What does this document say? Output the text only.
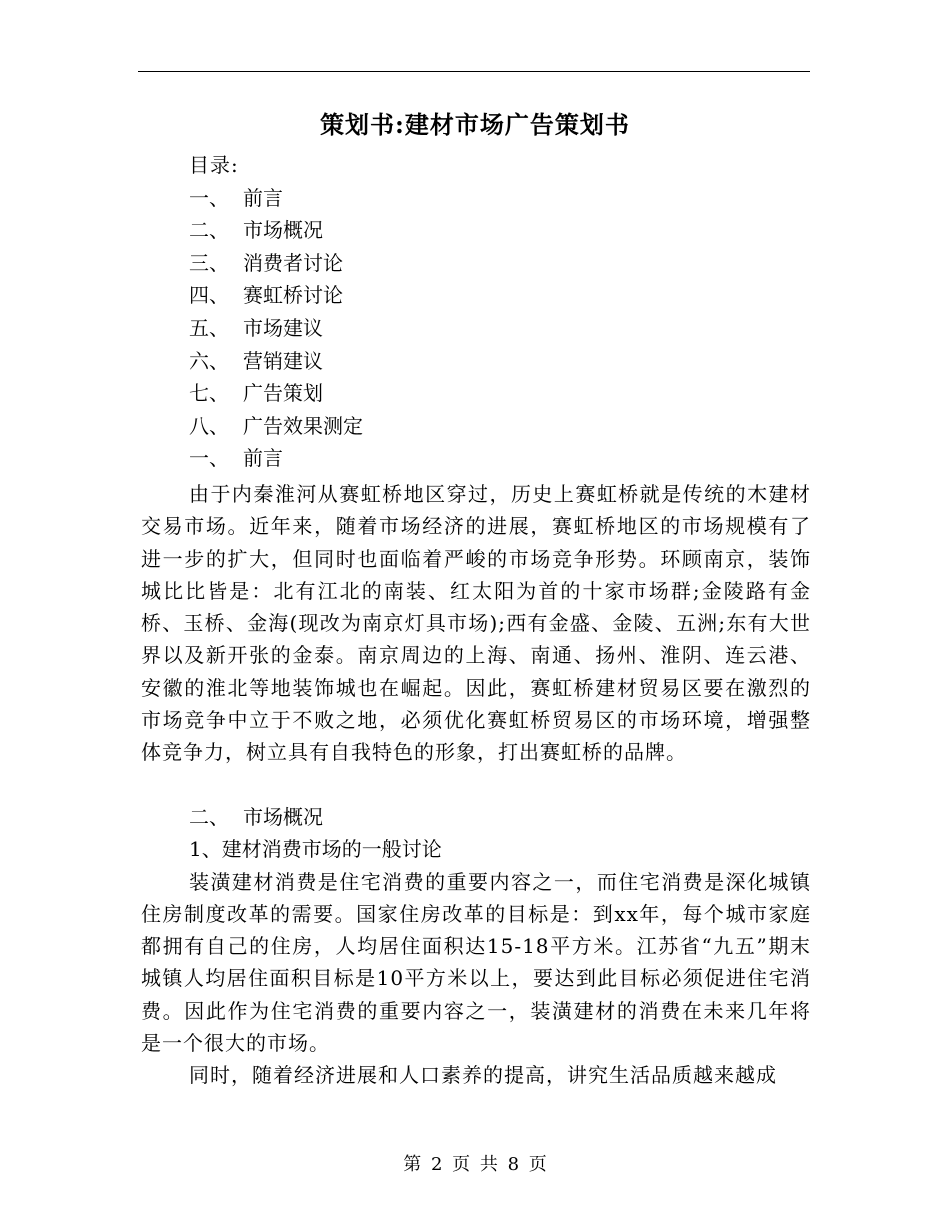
策划书:建材市场广告策划书
目录:
一、 前言
二、 市场概况
三、 消费者讨论
四、 赛虹桥讨论
五、 市场建议
六、 营销建议
七、 广告策划
八、 广告效果测定
一、 前言

由于内秦淮河从赛虹桥地区穿过，历史上赛虹桥就是传统的木建材交易市场。近年来，随着市场经济的进展，赛虹桥地区的市场规模有了进一步的扩大，但同时也面临着严峻的市场竞争形势。环顾南京，装饰城比比皆是：北有江北的南装、红太阳为首的十家市场群;金陵路有金桥、玉桥、金海(现改为南京灯具市场);西有金盛、金陵、五洲;东有大世界以及新开张的金泰。南京周边的上海、南通、扬州、淮阴、连云港、安徽的淮北等地装饰城也在崛起。因此，赛虹桥建材贸易区要在激烈的市场竞争中立于不败之地，必须优化赛虹桥贸易区的市场环境，增强整体竞争力，树立具有自我特色的形象，打出赛虹桥的品牌。

二、 市场概况
1、建材消费市场的一般讨论

装潢建材消费是住宅消费的重要内容之一，而住宅消费是深化城镇住房制度改革的需要。国家住房改革的目标是：到xx年，每个城市家庭都拥有自己的住房，人均居住面积达15-18平方米。江苏省“九五”期末城镇人均居住面积目标是10平方米以上，要达到此目标必须促进住宅消费。因此作为住宅消费的重要内容之一，装潢建材的消费在未来几年将是一个很大的市场。

同时，随着经济进展和人口素养的提高，讲究生活品质越来越成

第 2 页 共 8 页
